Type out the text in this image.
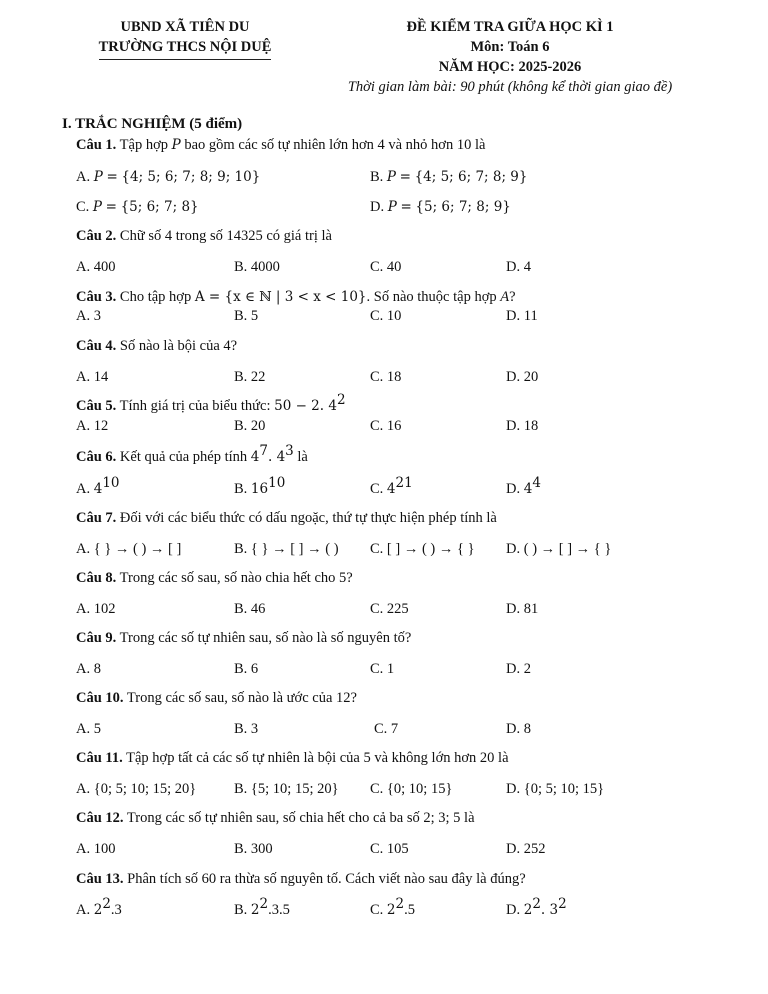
UBND XÃ TIÊN DU
TRƯỜNG THCS NỘI DUỆ
ĐỀ KIỂM TRA GIỮA HỌC KÌ 1
Môn: Toán 6
NĂM HỌC: 2025-2026
Thời gian làm bài: 90 phút (không kể thời gian giao đề)
I. TRẮC NGHIỆM (5 điểm)
Câu 1. Tập hợp P bao gồm các số tự nhiên lớn hơn 4 và nhỏ hơn 10 là
A. P = {4; 5; 6; 7; 8; 9; 10}	B. P = {4; 5; 6; 7; 8; 9}
C. P = {5; 6; 7; 8}	D. P = {5; 6; 7; 8; 9}
Câu 2. Chữ số 4 trong số 14325 có giá trị là
A. 400	B. 4000	C. 40	D. 4
Câu 3. Cho tập hợp A = {x ∈ ℕ | 3 < x < 10}. Số nào thuộc tập hợp A?
A. 3	B. 5	C. 10	D. 11
Câu 4. Số nào là bội của 4?
A. 14	B. 22	C. 18	D. 20
Câu 5. Tính giá trị của biểu thức: 50 − 2. $4^2$
A. 12	B. 20	C. 16	D. 18
Câu 6. Kết quả của phép tính $4^7$. $4^3$ là
A. $4^{10}$	B. $16^{10}$	C. $4^{21}$	D. $4^4$
Câu 7. Đối với các biểu thức có dấu ngoặc, thứ tự thực hiện phép tính là
A. { } → ( ) → [ ]	B. { } → [ ] → ( ) C. [ ] → ( ) → { } D. ( ) → [ ] → { }
Câu 8. Trong các số sau, số nào chia hết cho 5?
A. 102	B. 46	C. 225	D. 81
Câu 9. Trong các số tự nhiên sau, số nào là số nguyên tố?
A. 8	B. 6	C. 1	D. 2
Câu 10. Trong các số sau, số nào là ước của 12?
A. 5	B. 3	C. 7	D. 8
Câu 11. Tập hợp tất cả các số tự nhiên là bội của 5 và không lớn hơn 20 là
A. {0; 5; 10; 15; 20}	B. {5; 10; 15; 20} C. {0; 10; 15}	D. {0; 5; 10; 15}
Câu 12. Trong các số tự nhiên sau, số chia hết cho cả ba số 2; 3; 5 là
A. 100	B. 300	C. 105	D. 252
Câu 13. Phân tích số 60 ra thừa số nguyên tố. Cách viết nào sau đây là đúng?
A. $2^2.3$	B. $2^2.3.5$	C. $2^2.5$	D. $2^2$. $3^2$
